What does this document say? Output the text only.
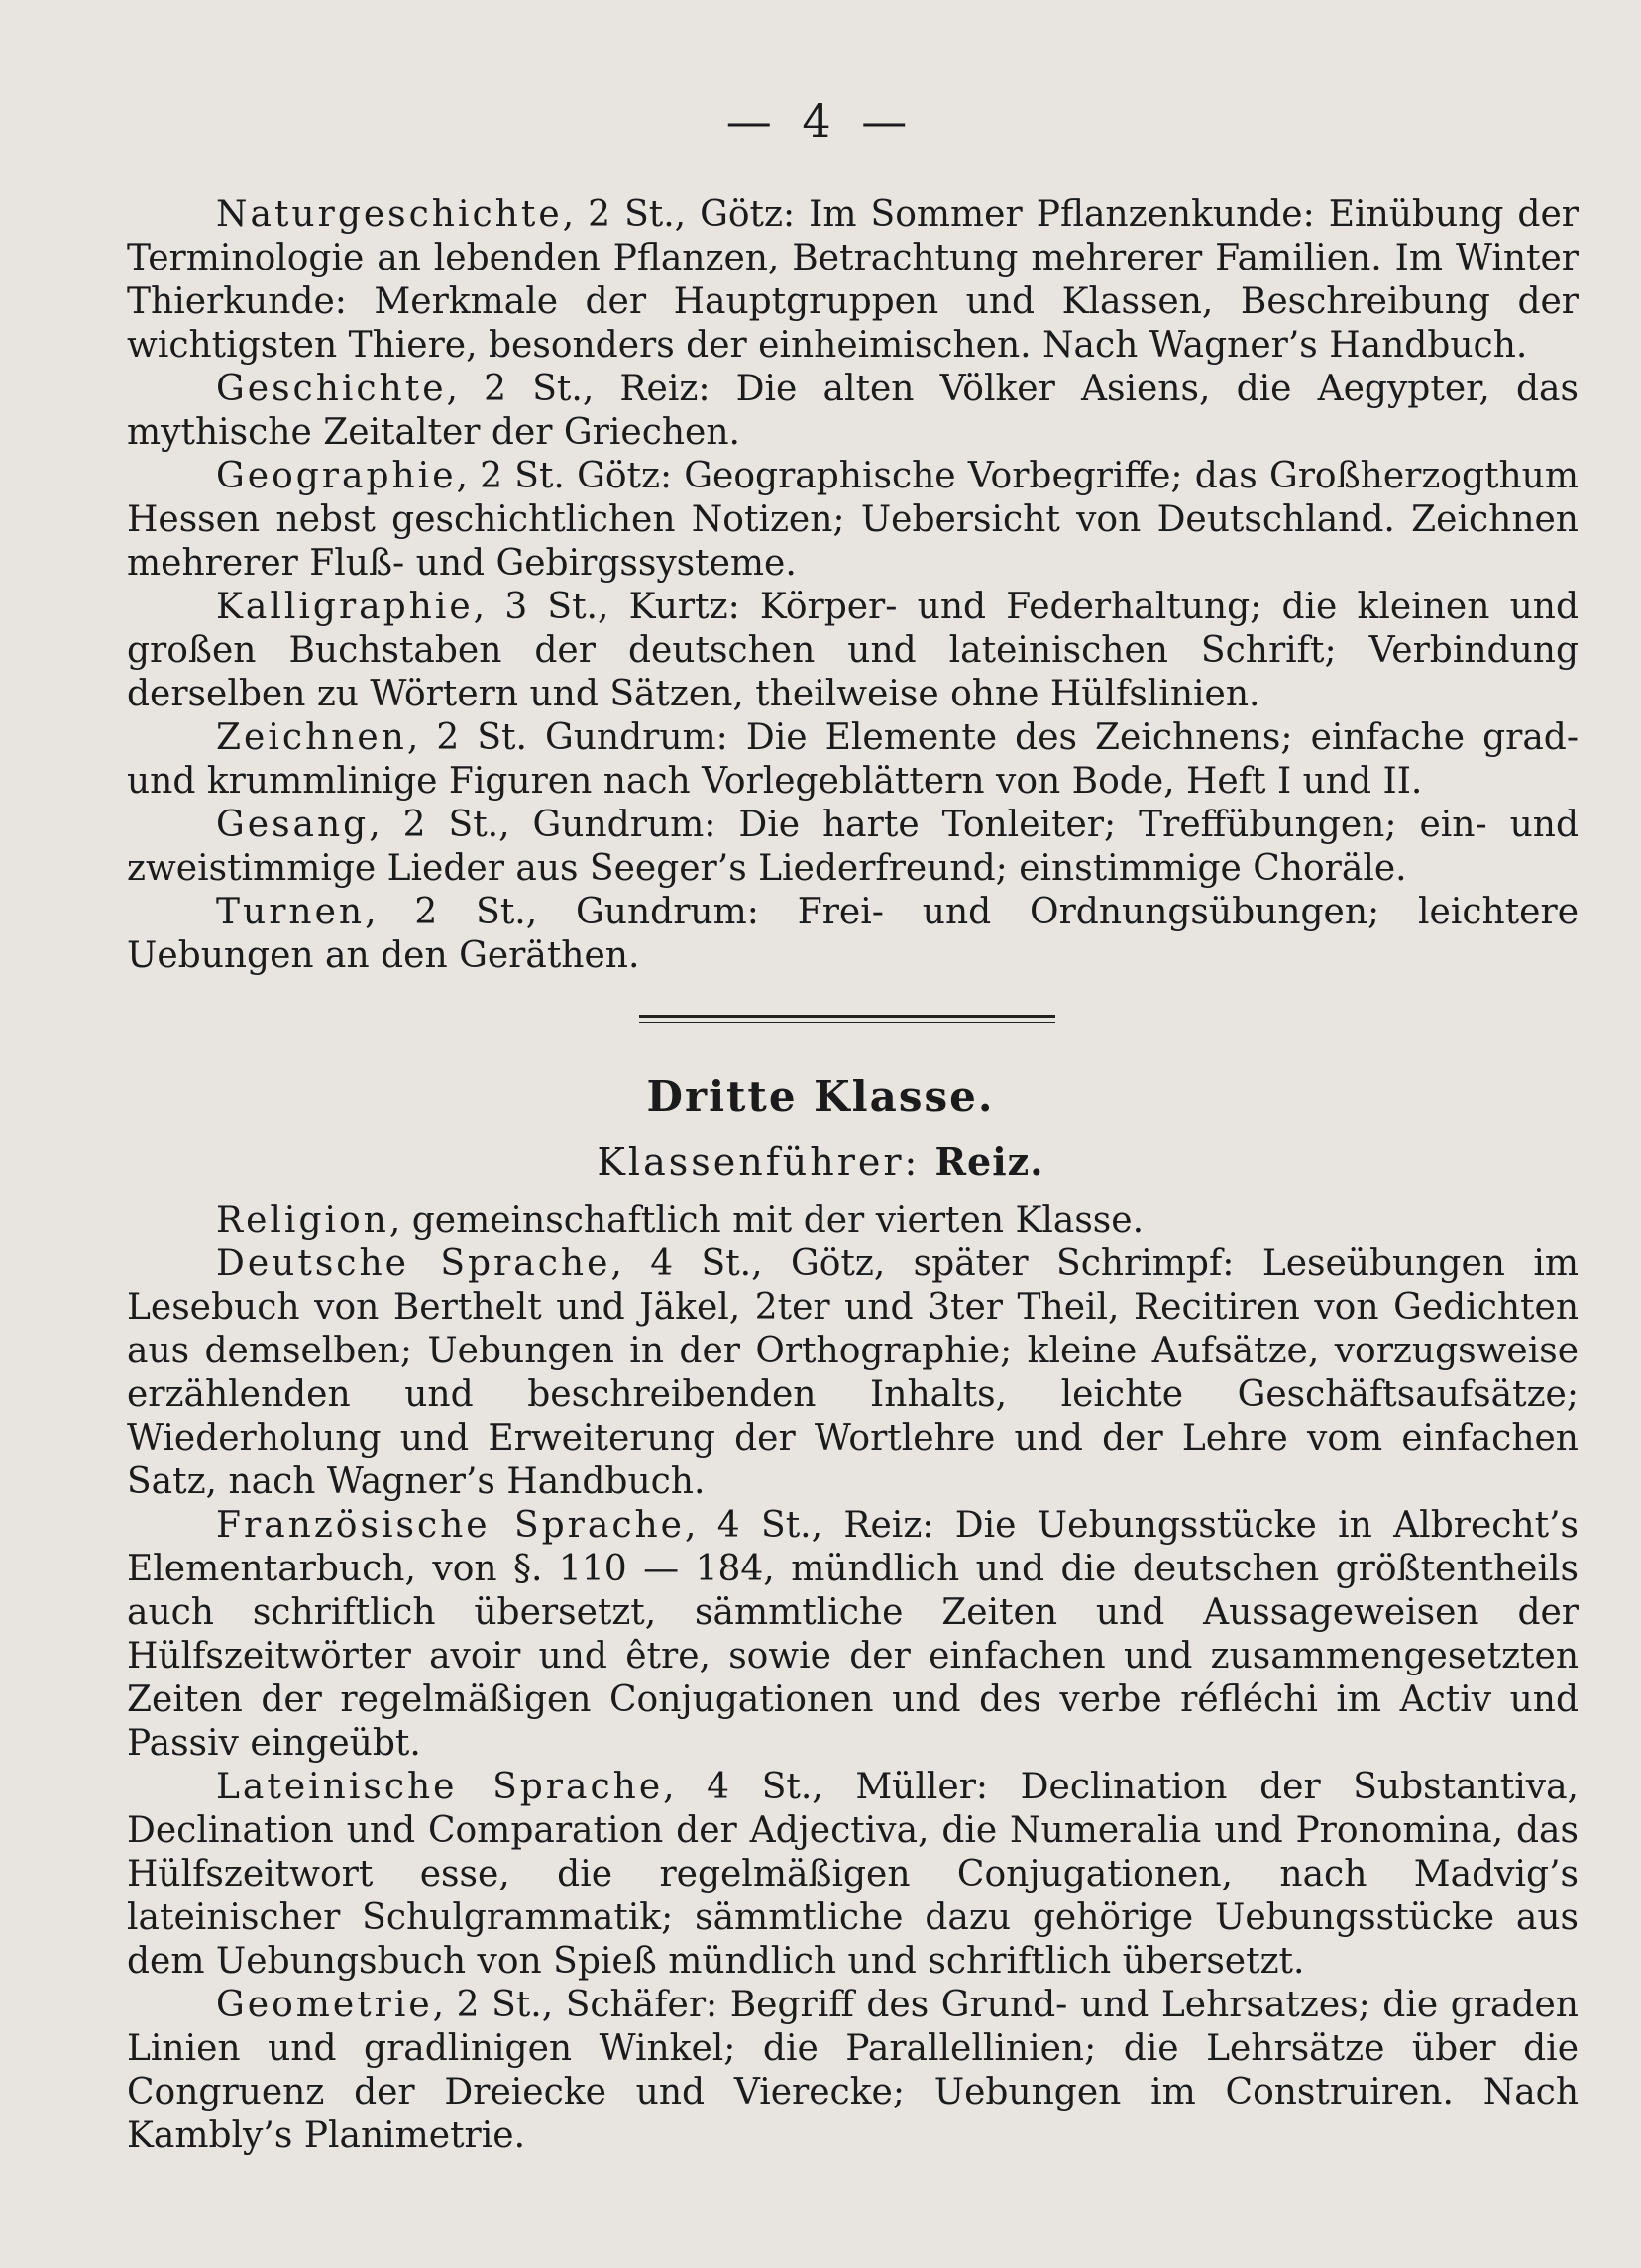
— 4 —

Naturgeschichte, 2 St., Götz: Im Sommer Pflanzenkunde: Einübung der Terminologie an lebenden Pflanzen, Betrachtung mehrerer Familien. Im Winter Thierkunde: Merkmale der Hauptgruppen und Klassen, Beschreibung der wichtigsten Thiere, besonders der einheimischen. Nach Wagner’s Handbuch.

Geschichte, 2 St., Reiz: Die alten Völker Asiens, die Aegypter, das mythische Zeitalter der Griechen.

Geographie, 2 St. Götz: Geographische Vorbegriffe; das Großherzogthum Hessen nebst geschichtlichen Notizen; Uebersicht von Deutschland. Zeichnen mehrerer Fluß- und Gebirgssysteme.

Kalligraphie, 3 St., Kurtz: Körper- und Federhaltung; die kleinen und großen Buchstaben der deutschen und lateinischen Schrift; Verbindung derselben zu Wörtern und Sätzen, theilweise ohne Hülfslinien.

Zeichnen, 2 St. Gundrum: Die Elemente des Zeichnens; einfache grad- und krummlinige Figuren nach Vorlegeblättern von Bode, Heft I und II.

Gesang, 2 St., Gundrum: Die harte Tonleiter; Treffübungen; ein- und zweistimmige Lieder aus Seeger’s Liederfreund; einstimmige Choräle.

Turnen, 2 St., Gundrum: Frei- und Ordnungsübungen; leichtere Uebungen an den Geräthen.

Dritte Klasse.
Klassenführer: Reiz.

Religion, gemeinschaftlich mit der vierten Klasse.

Deutsche Sprache, 4 St., Götz, später Schrimpf: Leseübungen im Lesebuch von Berthelt und Jäkel, 2ter und 3ter Theil, Recitiren von Gedichten aus demselben; Uebungen in der Orthographie; kleine Aufsätze, vorzugsweise erzählenden und beschreibenden Inhalts, leichte Geschäftsaufsätze; Wiederholung und Erweiterung der Wortlehre und der Lehre vom einfachen Satz, nach Wagner’s Handbuch.

Französische Sprache, 4 St., Reiz: Die Uebungsstücke in Albrecht’s Elementarbuch, von §. 110 — 184, mündlich und die deutschen größtentheils auch schriftlich übersetzt, sämmtliche Zeiten und Aussageweisen der Hülfszeitwörter avoir und être, sowie der einfachen und zusammengesetzten Zeiten der regelmäßigen Conjugationen und des verbe réfléchi im Activ und Passiv eingeübt.

Lateinische Sprache, 4 St., Müller: Declination der Substantiva, Declination und Comparation der Adjectiva, die Numeralia und Pronomina, das Hülfszeitwort esse, die regelmäßigen Conjugationen, nach Madvig’s lateinischer Schulgrammatik; sämmtliche dazu gehörige Uebungsstücke aus dem Uebungsbuch von Spieß mündlich und schriftlich übersetzt.

Geometrie, 2 St., Schäfer: Begriff des Grund- und Lehrsatzes; die graden Linien und gradlinigen Winkel; die Parallellinien; die Lehrsätze über die Congruenz der Dreiecke und Vierecke; Uebungen im Construiren. Nach Kambly’s Planimetrie.
